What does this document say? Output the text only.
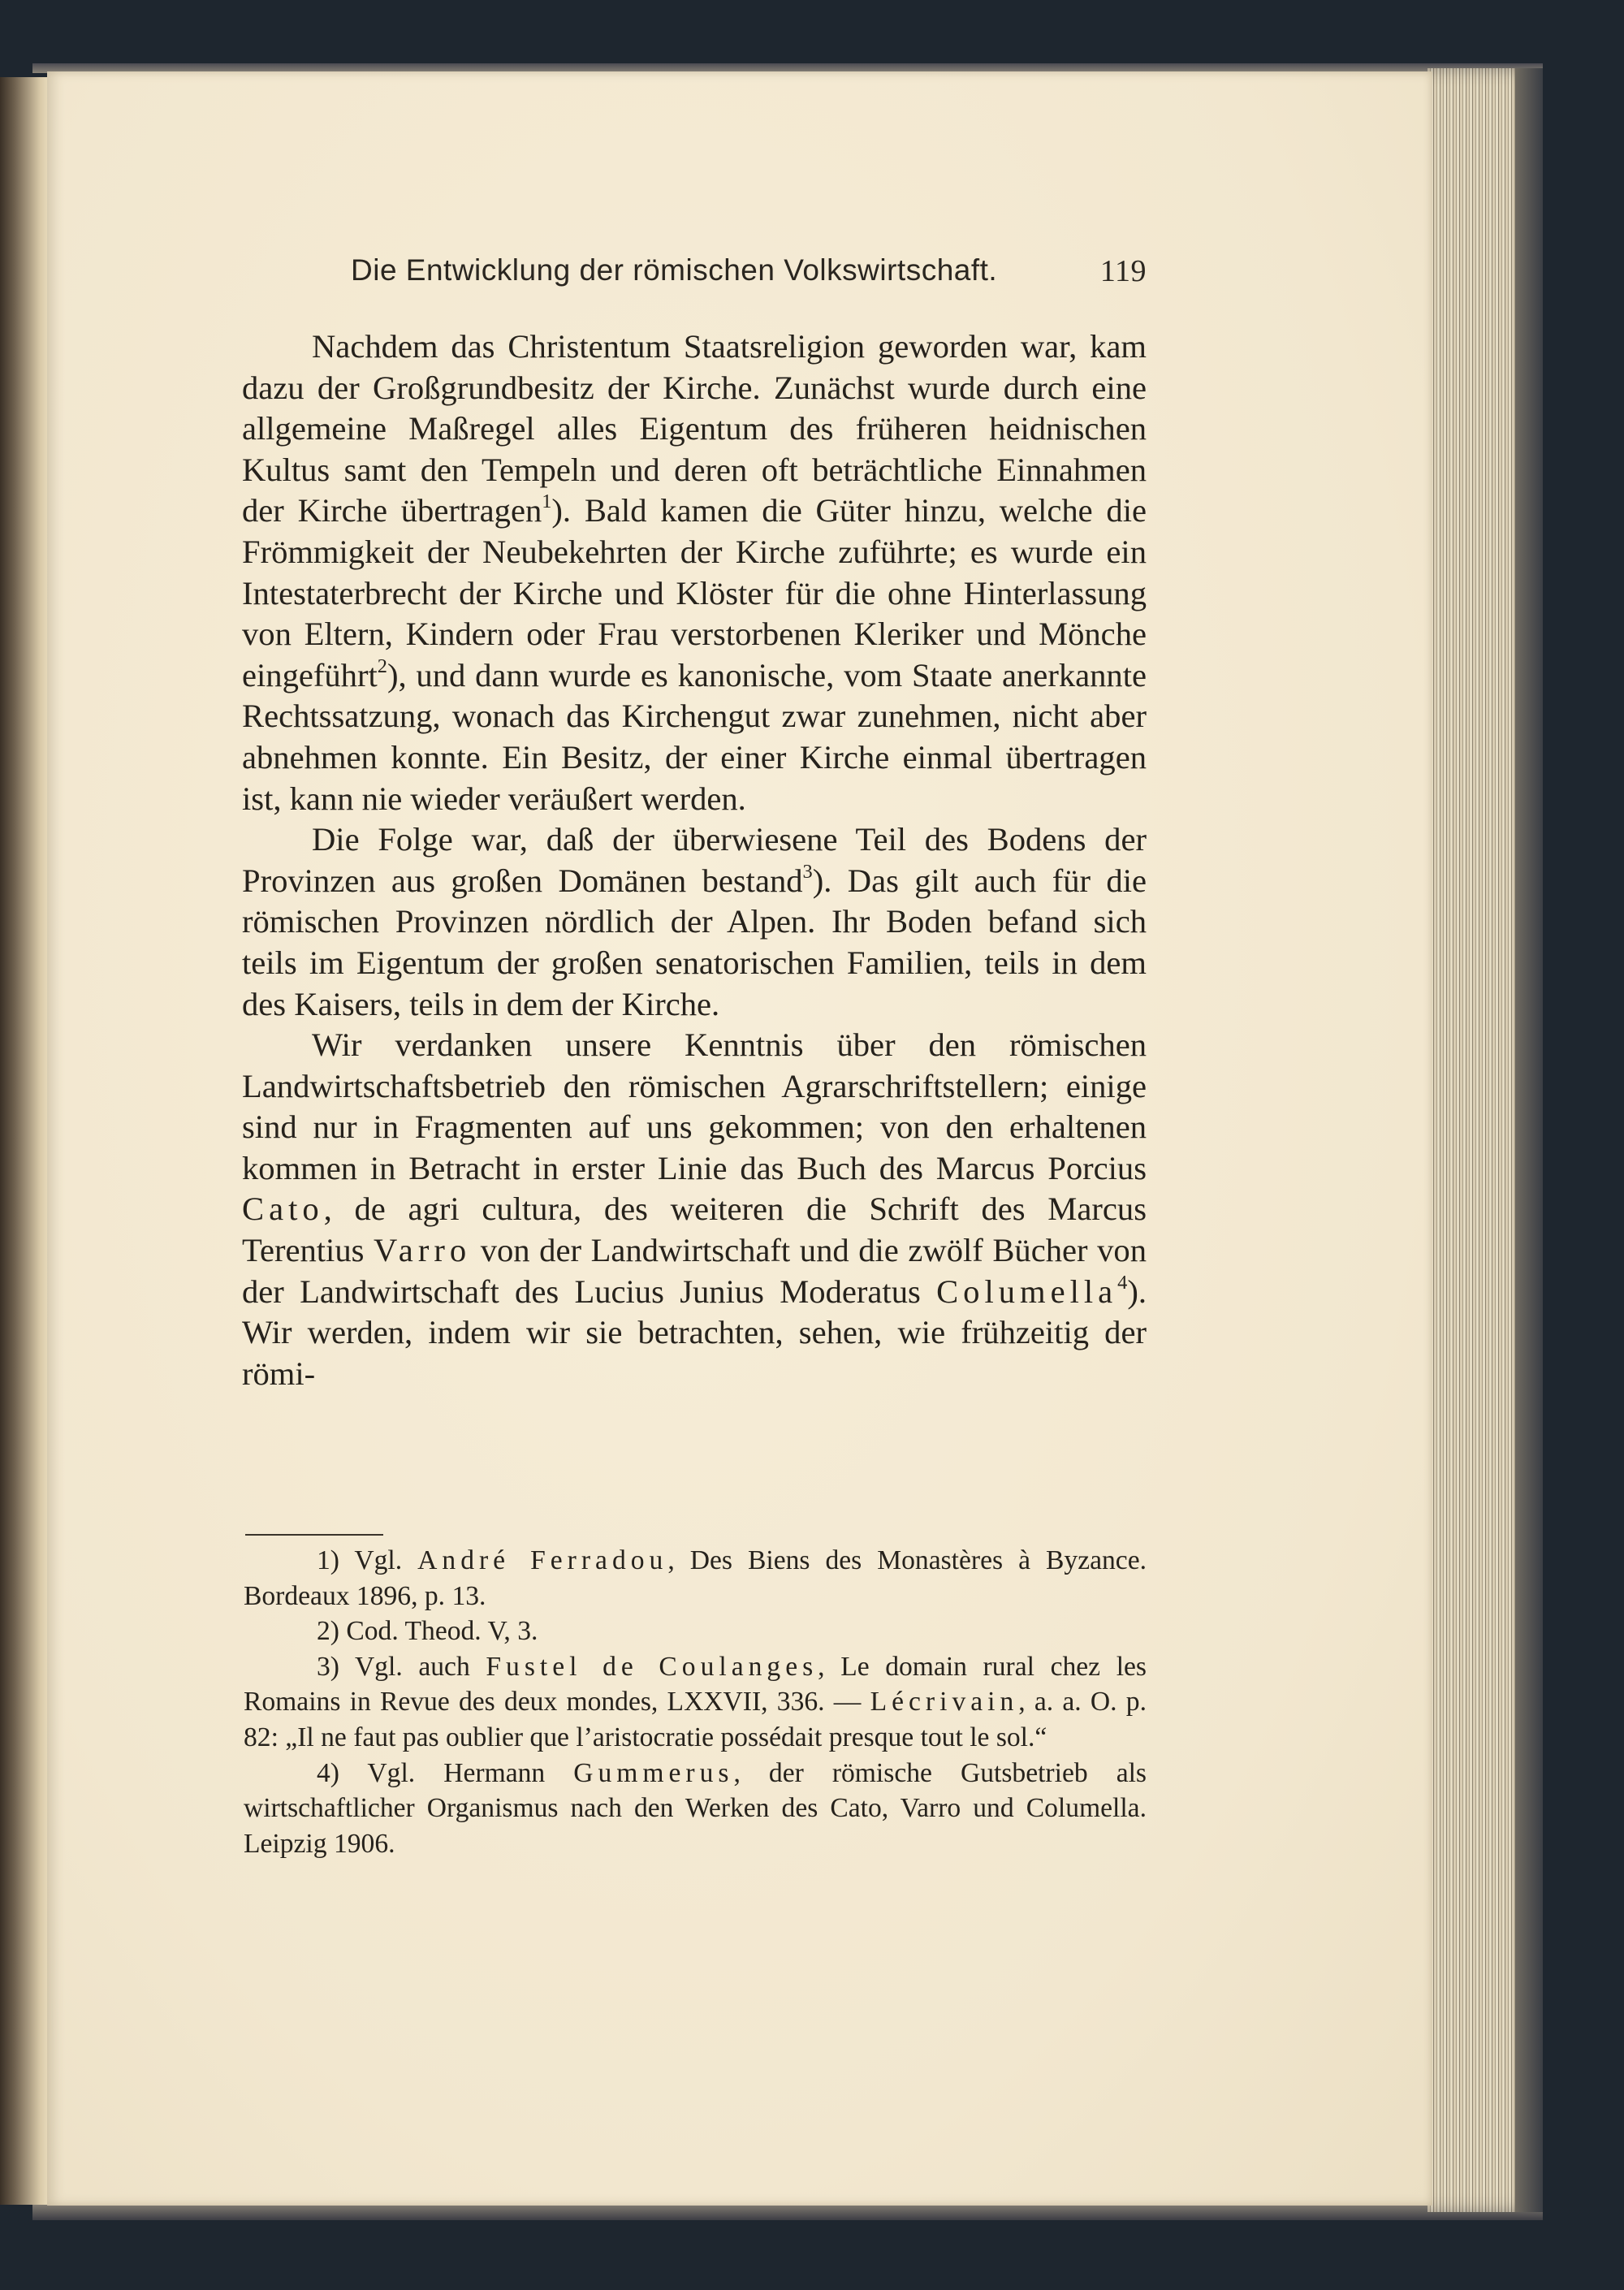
Die Entwicklung der römischen Volkswirtschaft.	119

Nachdem das Christentum Staatsreligion geworden war, kam dazu der Großgrundbesitz der Kirche. Zunächst wurde durch eine allgemeine Maßregel alles Eigentum des früheren heidnischen Kultus samt den Tempeln und deren oft beträchtliche Einnahmen der Kirche übertragen$^1$). Bald kamen die Güter hinzu, welche die Frömmigkeit der Neubekehrten der Kirche zuführte; es wurde ein Intestaterbrecht der Kirche und Klöster für die ohne Hinterlassung von Eltern, Kindern oder Frau verstorbenen Kleriker und Mönche eingeführt$^2$), und dann wurde es kanonische, vom Staate anerkannte Rechtssatzung, wonach das Kirchengut zwar zunehmen, nicht aber abnehmen konnte. Ein Besitz, der einer Kirche einmal übertragen ist, kann nie wieder veräußert werden.

Die Folge war, daß der überwiesene Teil des Bodens der Provinzen aus großen Domänen bestand$^3$). Das gilt auch für die römischen Provinzen nördlich der Alpen. Ihr Boden befand sich teils im Eigentum der großen senatorischen Familien, teils in dem des Kaisers, teils in dem der Kirche.

Wir verdanken unsere Kenntnis über den römischen Landwirtschaftsbetrieb den römischen Agrarschriftstellern; einige sind nur in Fragmenten auf uns gekommen; von den erhaltenen kommen in Betracht in erster Linie das Buch des Marcus Porcius Cato, de agri cultura, des weiteren die Schrift des Marcus Terentius Varro von der Landwirtschaft und die zwölf Bücher von der Landwirtschaft des Lucius Junius Moderatus Columella$^4$). Wir werden, indem wir sie betrachten, sehen, wie frühzeitig der römi-

1) Vgl. André Ferradou, Des Biens des Monastères à Byzance. Bordeaux 1896, p. 13.

2) Cod. Theod. V, 3.

3) Vgl. auch Fustel de Coulanges, Le domain rural chez les Romains in Revue des deux mondes, LXXVII, 336. — Lécrivain, a. a. O. p. 82: „Il ne faut pas oublier que l’aristocratie possédait presque tout le sol.“

4) Vgl. Hermann Gummerus, der römische Gutsbetrieb als wirtschaftlicher Organismus nach den Werken des Cato, Varro und Columella. Leipzig 1906.
